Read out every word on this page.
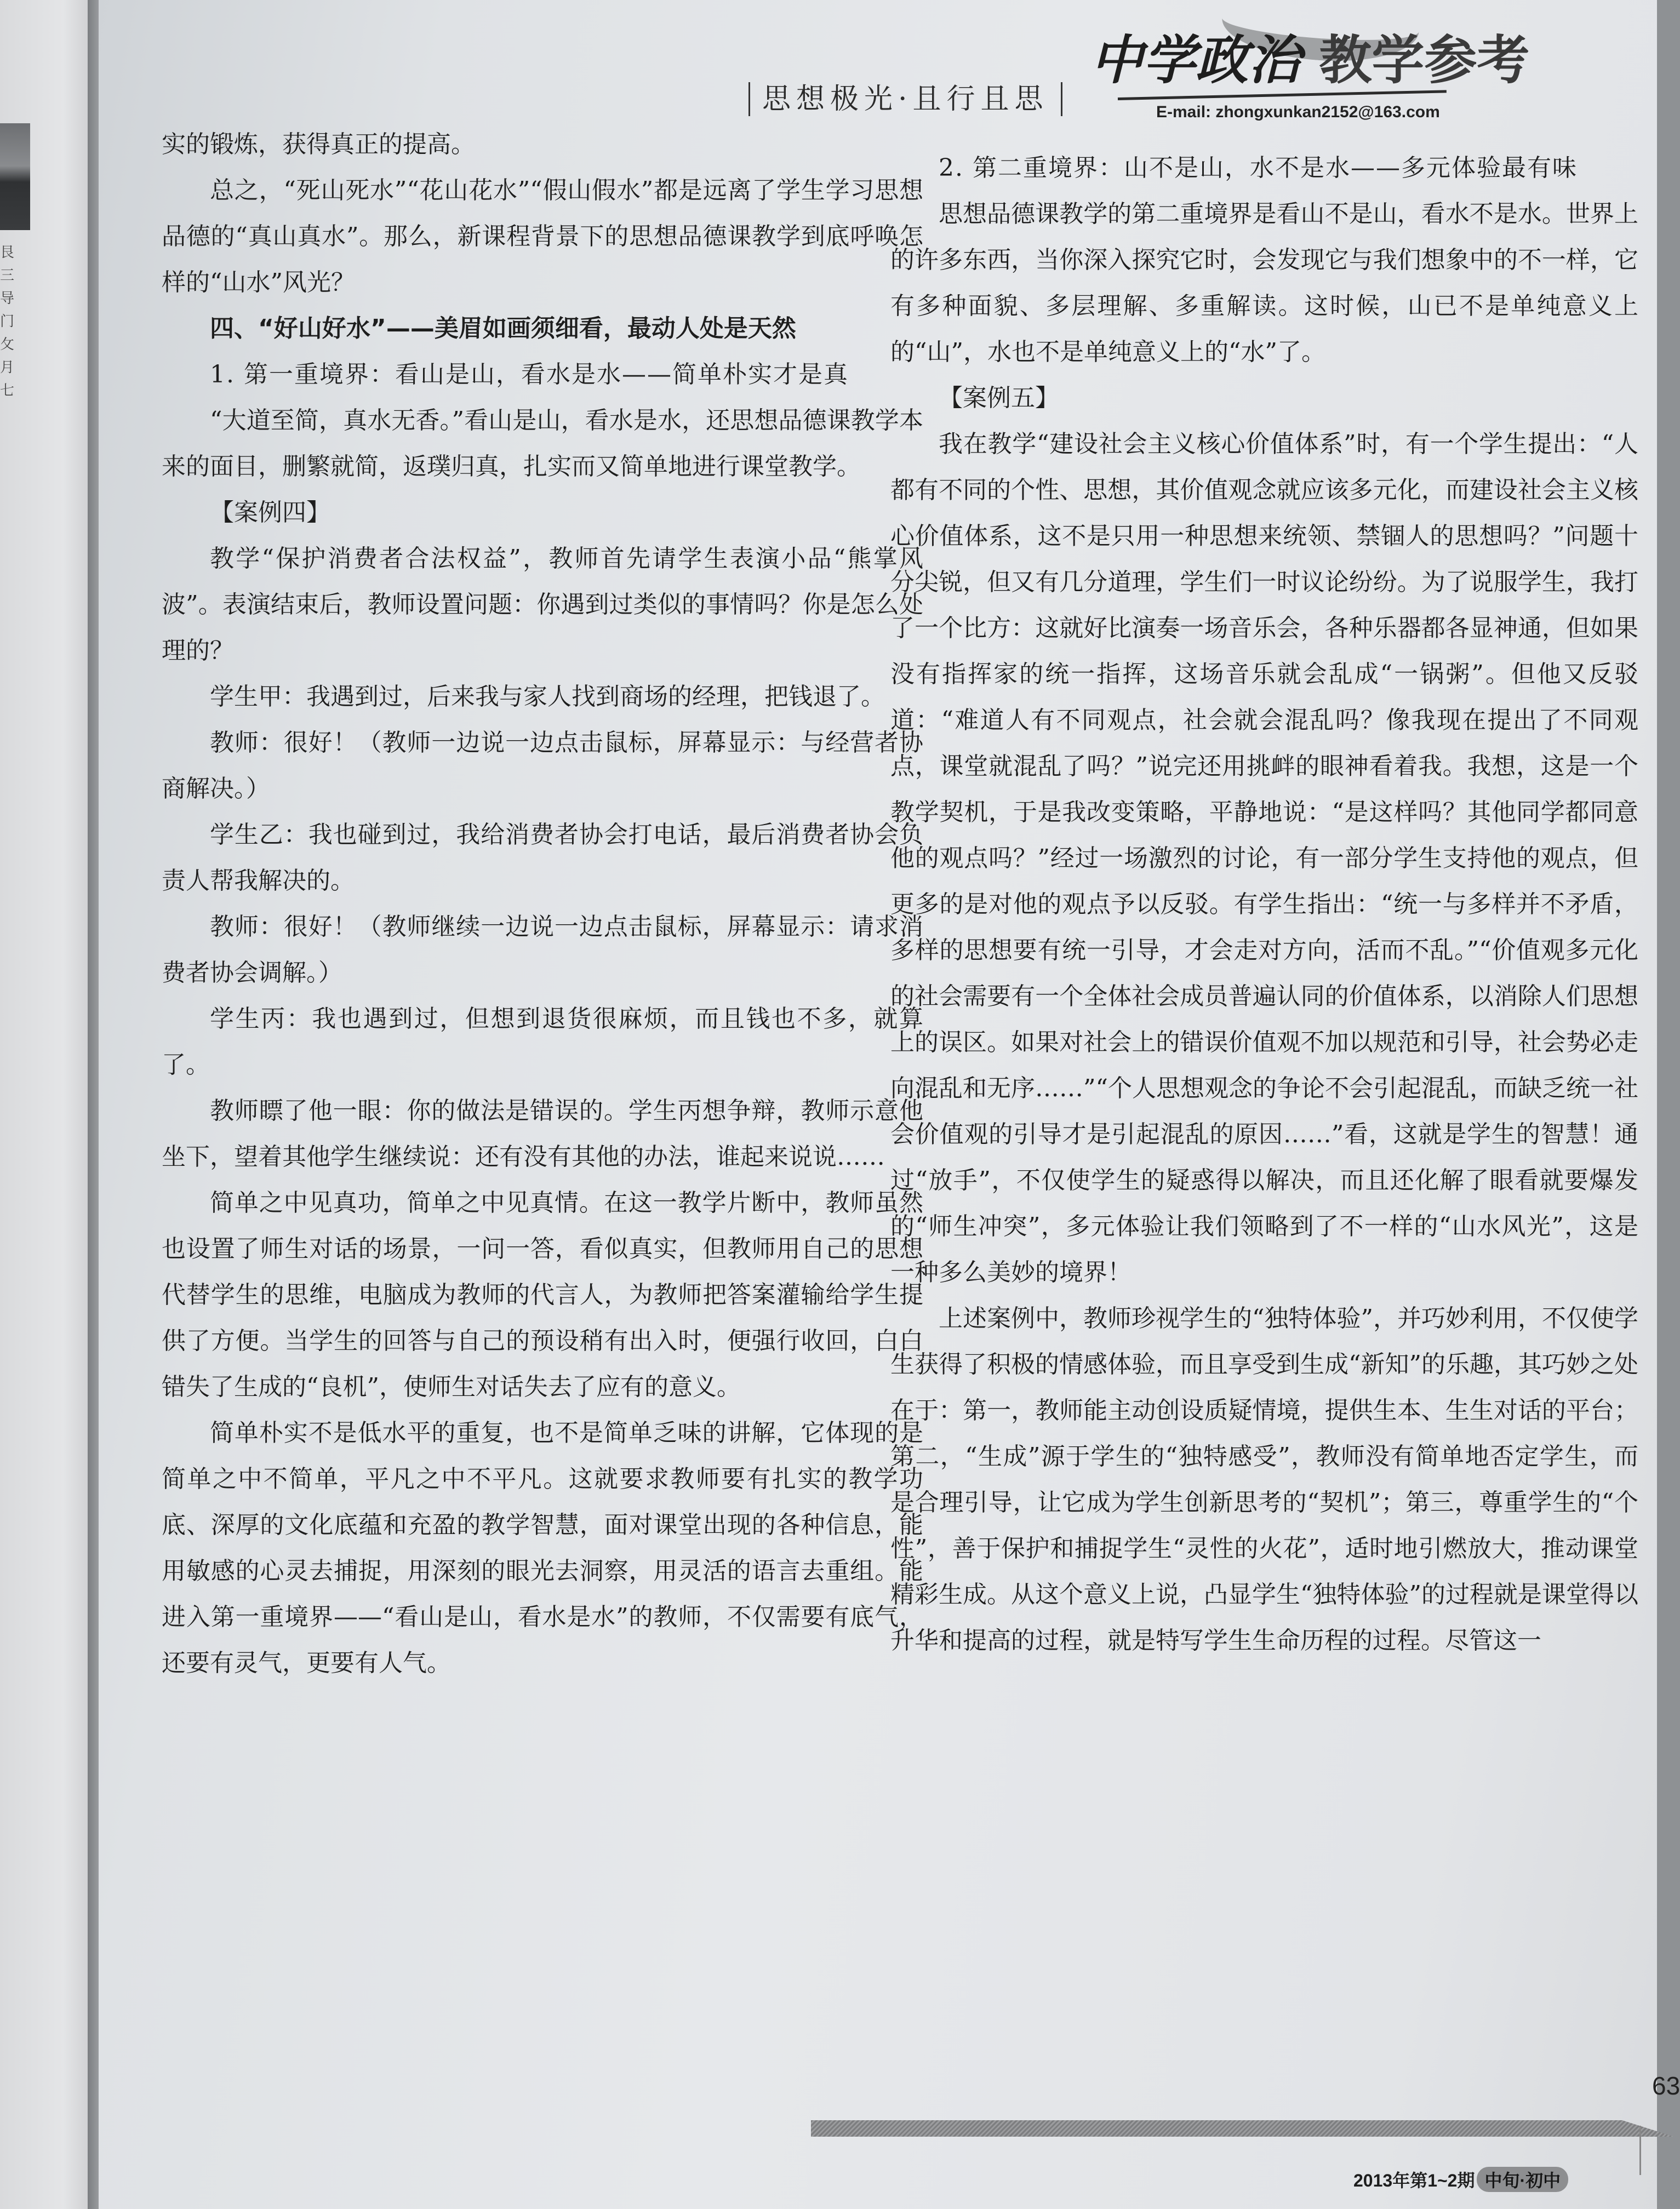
艮
三
导
门
攵
月
七
思想极光·且行且思
中学政治 教学参考
E-mail: zhongxunkan2152@163.com

实的锻炼，获得真正的提高。

总之，“死山死水”“花山花水”“假山假水”都是远离了学生学习思想品德的“真山真水”。那么，新课程背景下的思想品德课教学到底呼唤怎样的“山水”风光？

四、“好山好水”——美眉如画须细看，最动人处是天然

1. 第一重境界：看山是山，看水是水——简单朴实才是真

“大道至简，真水无香。”看山是山，看水是水，还思想品德课教学本来的面目，删繁就简，返璞归真，扎实而又简单地进行课堂教学。

【案例四】

教学“保护消费者合法权益”，教师首先请学生表演小品“熊掌风波”。表演结束后，教师设置问题：你遇到过类似的事情吗？你是怎么处理的？

学生甲：我遇到过，后来我与家人找到商场的经理，把钱退了。

教师：很好！（教师一边说一边点击鼠标，屏幕显示：与经营者协商解决。）

学生乙：我也碰到过，我给消费者协会打电话，最后消费者协会负责人帮我解决的。

教师：很好！（教师继续一边说一边点击鼠标，屏幕显示：请求消费者协会调解。）

学生丙：我也遇到过，但想到退货很麻烦，而且钱也不多，就算了。

教师瞟了他一眼：你的做法是错误的。学生丙想争辩，教师示意他坐下，望着其他学生继续说：还有没有其他的办法，谁起来说说……

简单之中见真功，简单之中见真情。在这一教学片断中，教师虽然也设置了师生对话的场景，一问一答，看似真实，但教师用自己的思想代替学生的思维，电脑成为教师的代言人，为教师把答案灌输给学生提供了方便。当学生的回答与自己的预设稍有出入时，便强行收回，白白错失了生成的“良机”，使师生对话失去了应有的意义。

简单朴实不是低水平的重复，也不是简单乏味的讲解，它体现的是简单之中不简单，平凡之中不平凡。这就要求教师要有扎实的教学功底、深厚的文化底蕴和充盈的教学智慧，面对课堂出现的各种信息，能用敏感的心灵去捕捉，用深刻的眼光去洞察，用灵活的语言去重组。能进入第一重境界——“看山是山，看水是水”的教师，不仅需要有底气，还要有灵气，更要有人气。

2. 第二重境界：山不是山，水不是水——多元体验最有味

思想品德课教学的第二重境界是看山不是山，看水不是水。世界上的许多东西，当你深入探究它时，会发现它与我们想象中的不一样，它有多种面貌、多层理解、多重解读。这时候，山已不是单纯意义上的“山”，水也不是单纯意义上的“水”了。

【案例五】

我在教学“建设社会主义核心价值体系”时，有一个学生提出：“人都有不同的个性、思想，其价值观念就应该多元化，而建设社会主义核心价值体系，这不是只用一种思想来统领、禁锢人的思想吗？”问题十分尖锐，但又有几分道理，学生们一时议论纷纷。为了说服学生，我打了一个比方：这就好比演奏一场音乐会，各种乐器都各显神通，但如果没有指挥家的统一指挥，这场音乐就会乱成“一锅粥”。但他又反驳道：“难道人有不同观点，社会就会混乱吗？像我现在提出了不同观点，课堂就混乱了吗？”说完还用挑衅的眼神看着我。我想，这是一个教学契机，于是我改变策略，平静地说：“是这样吗？其他同学都同意他的观点吗？”经过一场激烈的讨论，有一部分学生支持他的观点，但更多的是对他的观点予以反驳。有学生指出：“统一与多样并不矛盾，多样的思想要有统一引导，才会走对方向，活而不乱。”“价值观多元化的社会需要有一个全体社会成员普遍认同的价值体系，以消除人们思想上的误区。如果对社会上的错误价值观不加以规范和引导，社会势必走向混乱和无序……”“个人思想观念的争论不会引起混乱，而缺乏统一社会价值观的引导才是引起混乱的原因……”看，这就是学生的智慧！通过“放手”，不仅使学生的疑惑得以解决，而且还化解了眼看就要爆发的“师生冲突”，多元体验让我们领略到了不一样的“山水风光”，这是一种多么美妙的境界！

上述案例中，教师珍视学生的“独特体验”，并巧妙利用，不仅使学生获得了积极的情感体验，而且享受到生成“新知”的乐趣，其巧妙之处在于：第一，教师能主动创设质疑情境，提供生本、生生对话的平台；第二，“生成”源于学生的“独特感受”，教师没有简单地否定学生，而是合理引导，让它成为学生创新思考的“契机”；第三，尊重学生的“个性”，善于保护和捕捉学生“灵性的火花”，适时地引燃放大，推动课堂精彩生成。从这个意义上说，凸显学生“独特体验”的过程就是课堂得以升华和提高的过程，就是特写学生生命历程的过程。尽管这一

63
2013年第1~2期 中旬·初中
